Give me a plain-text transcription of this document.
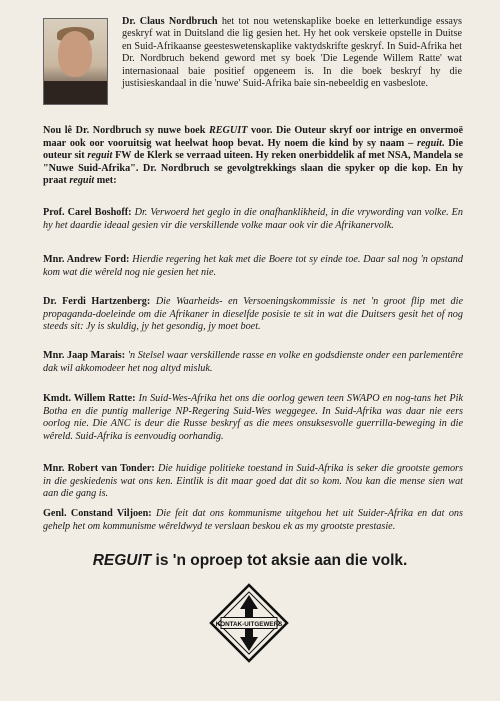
Dr. Claus Nordbruch het tot nou wetenskaplike boeke en letterkundige essays geskryf wat in Duitsland die lig gesien het. Hy het ook verskeie opstelle in Duitse en Suid-Afrikaanse geesteswetenskaplike vaktydskrifte geskryf. In Suid-Afrika het Dr. Nordbruch bekend geword met sy boek 'Die Legende Willem Ratte' wat internasionaal baie positief opgeneem is. In die boek beskryf hy die justisieskandaal in die 'nuwe' Suid-Afrika baie sin-nebeeldig en vasbeslote.
Nou lê Dr. Nordbruch sy nuwe boek REGUIT voor. Die Outeur skryf oor intrige en onvermoë maar ook oor vooruitsig wat heelwat hoop bevat. Hy noem die kind by sy naam – reguit. Die outeur sit reguit FW de Klerk se verraad uiteen. Hy reken onerbiddelik af met NSA, Mandela se "Nuwe Suid-Afrika". Dr. Nordbruch se gevolgtrekkings slaan die spyker op die kop. En hy praat reguit met:
Prof. Carel Boshoff: Dr. Verwoerd het geglo in die onafhanklikheid, in die vrywording van volke. En hy het daardie ideaal gesien vir die verskillende volke maar ook vir die Afrikanervolk.
Mnr. Andrew Ford: Hierdie regering het kak met die Boere tot sy einde toe. Daar sal nog 'n opstand kom wat die wêreld nog nie gesien het nie.
Dr. Ferdi Hartzenberg: Die Waarheids- en Versoeningskommissie is net 'n groot flip met die propaganda-doeleinde om die Afrikaner in dieselfde posisie te sit in wat die Duitsers gesit het of nog steeds sit: Jy is skuldig, jy het gesondig, jy moet boet.
Mnr. Jaap Marais: 'n Stelsel waar verskillende rasse en volke en godsdienste onder een parlementêre dak wil akkomodeer het nog altyd misluk.
Kmdt. Willem Ratte: In Suid-Wes-Afrika het ons die oorlog gewen teen SWAPO en nog-tans het Pik Botha en die puntig mallerige NP-Regering Suid-Wes weggegee. In Suid-Afrika was daar nie eers oorlog nie. Die ANC is deur die Russe beskryf as die mees onsuksesvolle guerrilla-beweging in die wêreld. Suid-Afrika is eenvoudig oorhandig.
Mnr. Robert van Tonder: Die huidige politieke toestand in Suid-Afrika is seker die grootste gemors in die geskiedenis wat ons ken. Eintlik is dit maar goed dat dit so kom. Nou kan die mense sien wat aan die gang is.
Genl. Constand Viljoen: Die feit dat ons kommunisme uitgehou het uit Suider-Afrika en dat ons gehelp het om kommunisme wêreldwyd te verslaan beskou ek as my grootste prestasie.
REGUIT is 'n oproep tot aksie aan die volk.
KONTAK-UITGEWERS
